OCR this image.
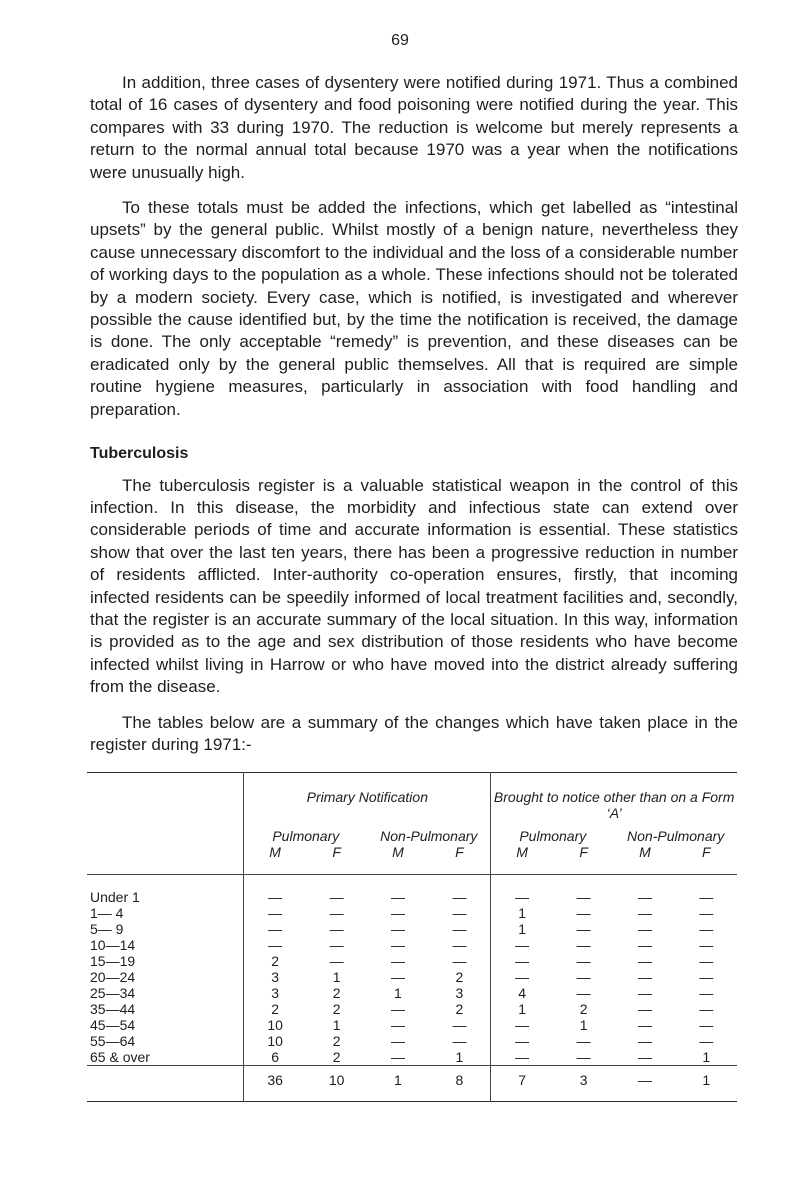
69

In addition, three cases of dysentery were notified during 1971. Thus a combined total of 16 cases of dysentery and food poisoning were notified during the year. This compares with 33 during 1970. The reduction is welcome but merely represents a return to the normal annual total because 1970 was a year when the notifications were unusually high.

To these totals must be added the infections, which get labelled as “intestinal upsets” by the general public. Whilst mostly of a benign nature, nevertheless they cause unnecessary discomfort to the individual and the loss of a considerable number of working days to the population as a whole. These infections should not be tolerated by a modern society. Every case, which is notified, is investigated and wherever possible the cause identified but, by the time the notification is received, the damage is done. The only acceptable “remedy” is prevention, and these diseases can be eradicated only by the general public themselves. All that is required are simple routine hygiene measures, particularly in association with food handling and preparation.

Tuberculosis

The tuberculosis register is a valuable statistical weapon in the control of this infection. In this disease, the morbidity and infectious state can extend over considerable periods of time and accurate information is essential. These statistics show that over the last ten years, there has been a progressive reduction in number of residents afflicted. Inter-authority co-operation ensures, firstly, that incoming infected residents can be speedily informed of local treatment facilities and, secondly, that the register is an accurate summary of the local situation. In this way, information is provided as to the age and sex distribution of those residents who have become infected whilst living in Harrow or who have moved into the district already suffering from the disease.

The tables below are a summary of the changes which have taken place in the register during 1971:-

	Primary Notification				Brought to notice other than on a Form ‘A’			
	Pulmonary		Non-Pulmonary		Pulmonary		Non-Pulmonary	
	M	F	M	F	M	F	M	F

Under 1	—	—	—	—	—	—	—	—
1— 4	—	—	—	—	1	—	—	—
5— 9	—	—	—	—	1	—	—	—
10—14	—	—	—	—	—	—	—	—
15—19	2	—	—	—	—	—	—	—
20—24	3	1	—	2	—	—	—	—
25—34	3	2	1	3	4	—	—	—
35—44	2	2	—	2	1	2	—	—
45—54	10	1	—	—	—	1	—	—
55—64	10	2	—	—	—	—	—	—
65 & over	6	2	—	1	—	—	—	1

	36	10	1	8	7	3	—	1
